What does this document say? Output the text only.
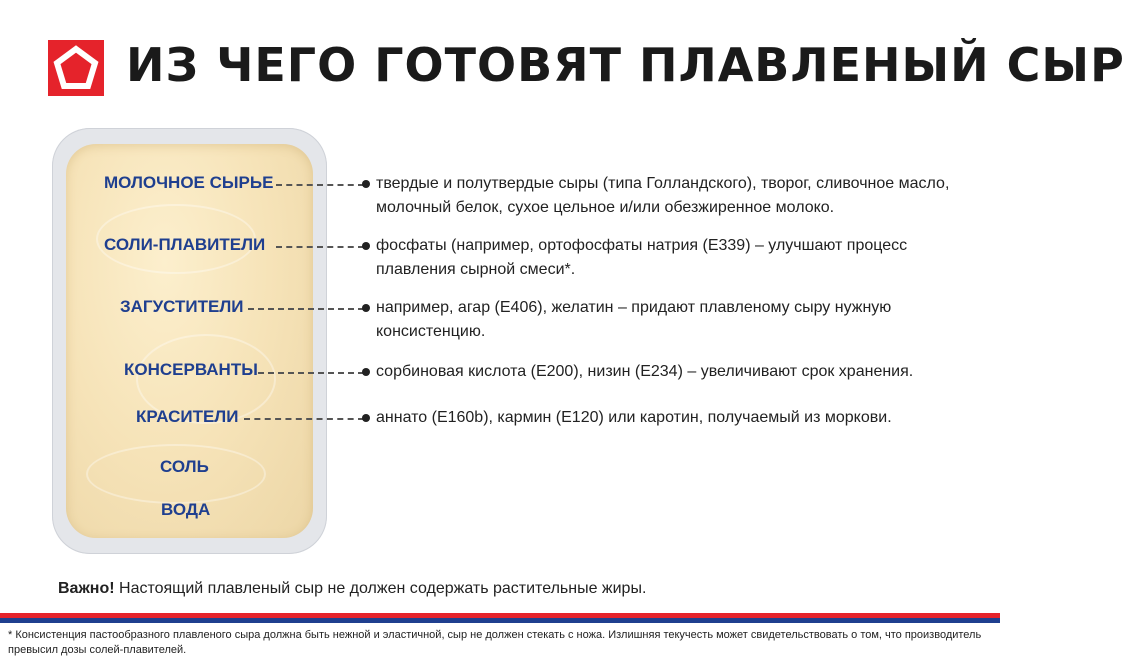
ИЗ ЧЕГО ГОТОВЯТ ПЛАВЛЕНЫЙ СЫР
МОЛОЧНОЕ СЫРЬЕ
СОЛИ-ПЛАВИТЕЛИ
ЗАГУСТИТЕЛИ
КОНСЕРВАНТЫ
КРАСИТЕЛИ
СОЛЬ
ВОДА
твердые и полутвердые сыры (типа Голландского), творог, сливочное масло, молочный белок, сухое цельное и/или обезжиренное молоко.
фосфаты (например, ортофосфаты натрия (Е339) – улучшают процесс плавления сырной смеси*.
например, агар (Е406), желатин – придают плавленому сыру нужную консистенцию.
сорбиновая кислота (Е200), низин (Е234) – увеличивают срок хранения.
аннато (Е160b), кармин (Е120) или каротин, получаемый из моркови.
Важно! Настоящий плавленый сыр не должен содержать растительные жиры.
* Консистенция пастообразного плавленого сыра должна быть нежной и эластичной, сыр не должен стекать с ножа. Излишняя текучесть может свидетельствовать о том, что производитель превысил дозы солей-плавителей.
